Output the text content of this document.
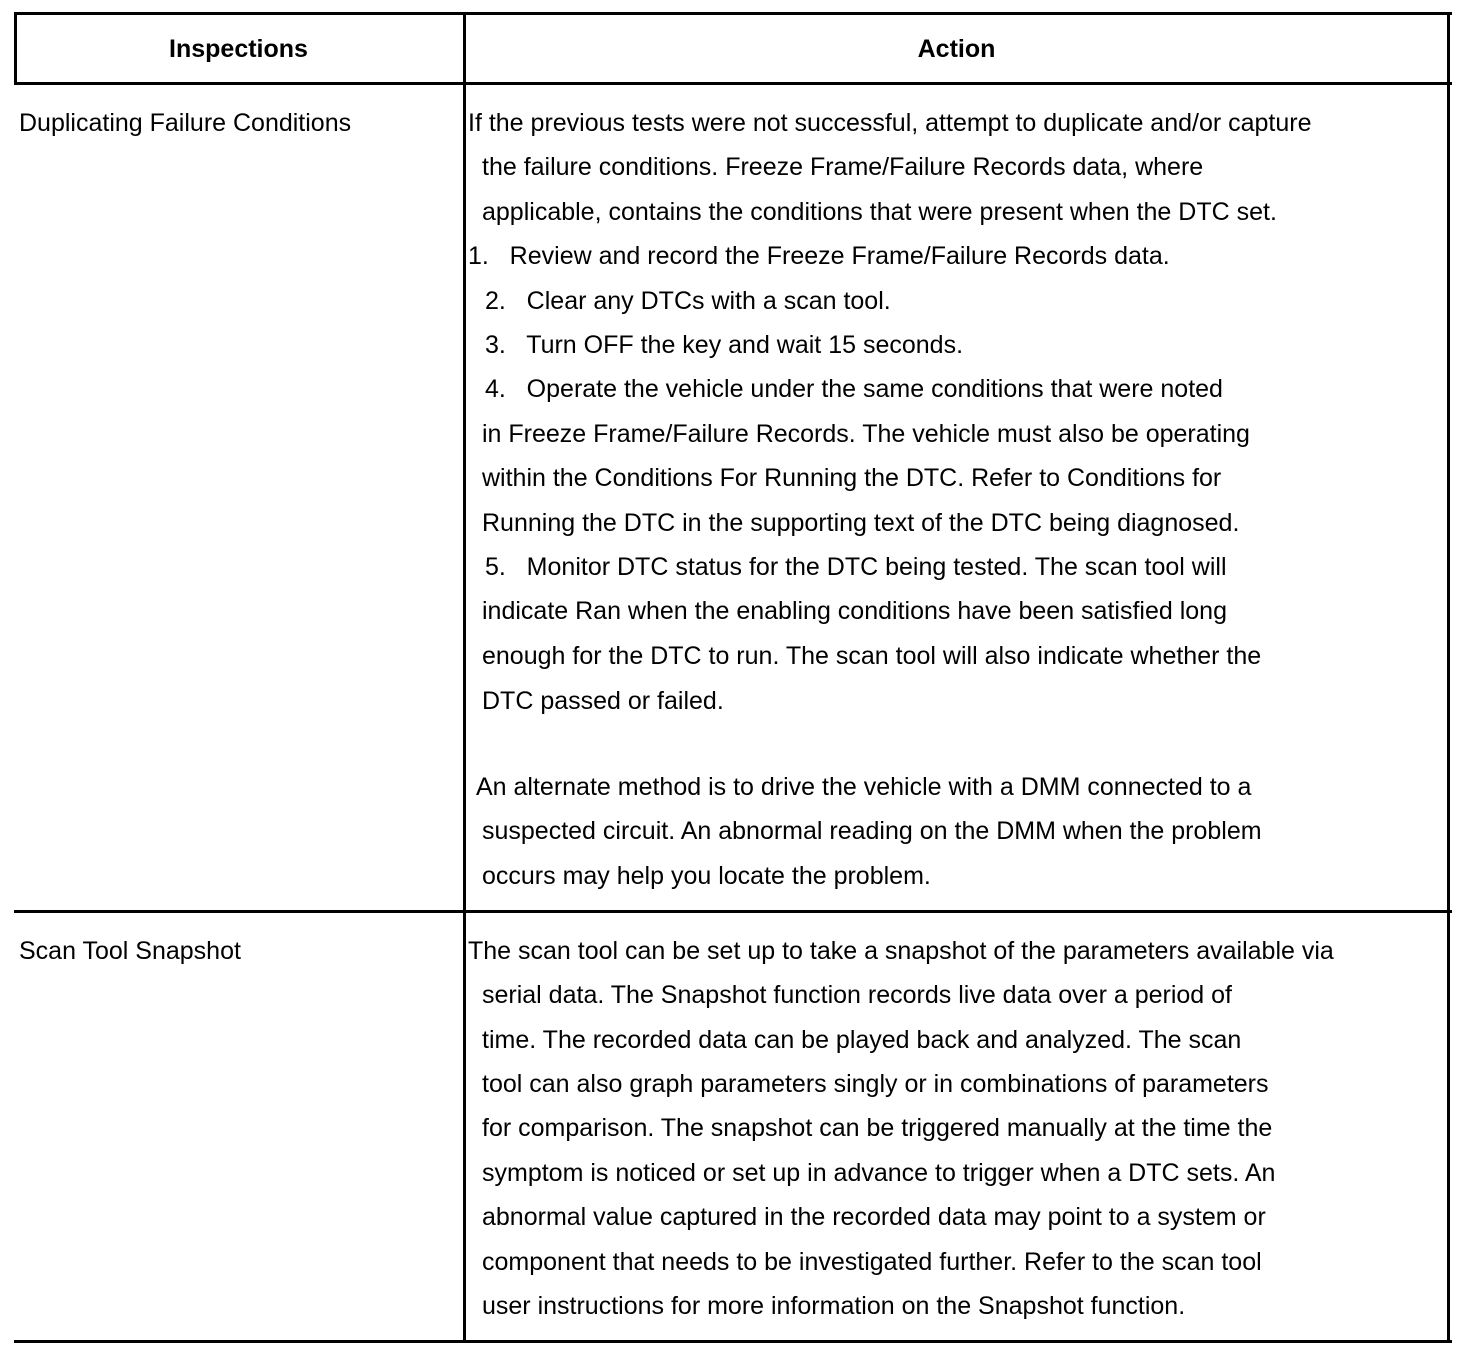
Inspections	Action
Duplicating Failure Conditions	If the previous tests were not successful, attempt to duplicate and/or capture
the failure conditions. Freeze Frame/Failure Records data, where
applicable, contains the conditions that were present when the DTC set.
1.   Review and record the Freeze Frame/Failure Records data.
2.   Clear any DTCs with a scan tool.
3.   Turn OFF the key and wait 15 seconds.
4.   Operate the vehicle under the same conditions that were noted
in Freeze Frame/Failure Records. The vehicle must also be operating
within the Conditions For Running the DTC. Refer to Conditions for
Running the DTC in the supporting text of the DTC being diagnosed.
5.   Monitor DTC status for the DTC being tested. The scan tool will
indicate Ran when the enabling conditions have been satisfied long
enough for the DTC to run. The scan tool will also indicate whether the
DTC passed or failed.
An alternate method is to drive the vehicle with a DMM connected to a
suspected circuit. An abnormal reading on the DMM when the problem
occurs may help you locate the problem.
Scan Tool Snapshot	The scan tool can be set up to take a snapshot of the parameters available via
serial data. The Snapshot function records live data over a period of
time. The recorded data can be played back and analyzed. The scan
tool can also graph parameters singly or in combinations of parameters
for comparison. The snapshot can be triggered manually at the time the
symptom is noticed or set up in advance to trigger when a DTC sets. An
abnormal value captured in the recorded data may point to a system or
component that needs to be investigated further. Refer to the scan tool
user instructions for more information on the Snapshot function.
